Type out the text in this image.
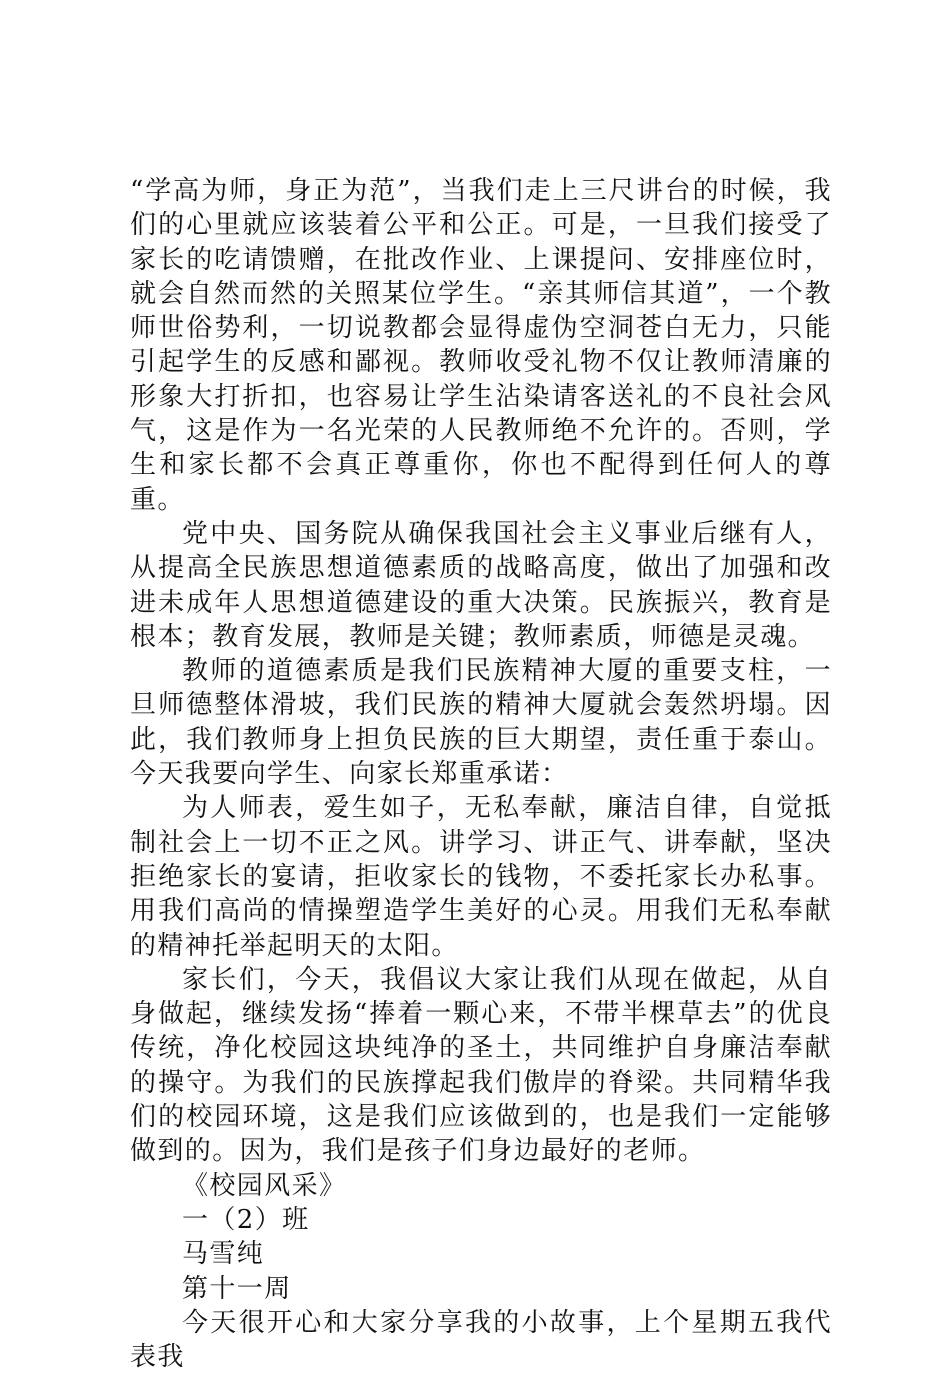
“学高为师，身正为范”，当我们走上三尺讲台的时候，我们的心里就应该装着公平和公正。可是，一旦我们接受了家长的吃请馈赠，在批改作业、上课提问、安排座位时，就会自然而然的关照某位学生。“亲其师信其道”，一个教师世俗势利，一切说教都会显得虚伪空洞苍白无力，只能引起学生的反感和鄙视。教师收受礼物不仅让教师清廉的形象大打折扣，也容易让学生沾染请客送礼的不良社会风气，这是作为一名光荣的人民教师绝不允许的。否则，学生和家长都不会真正尊重你，你也不配得到任何人的尊重。

党中央、国务院从确保我国社会主义事业后继有人，从提高全民族思想道德素质的战略高度，做出了加强和改进未成年人思想道德建设的重大决策。民族振兴，教育是根本；教育发展，教师是关键；教师素质，师德是灵魂。

教师的道德素质是我们民族精神大厦的重要支柱，一旦师德整体滑坡，我们民族的精神大厦就会轰然坍塌。因此，我们教师身上担负民族的巨大期望，责任重于泰山。今天我要向学生、向家长郑重承诺：

为人师表，爱生如子，无私奉献，廉洁自律，自觉抵制社会上一切不正之风。讲学习、讲正气、讲奉献，坚决拒绝家长的宴请，拒收家长的钱物，不委托家长办私事。用我们高尚的情操塑造学生美好的心灵。用我们无私奉献的精神托举起明天的太阳。

家长们，今天，我倡议大家让我们从现在做起，从自身做起，继续发扬“捧着一颗心来，不带半棵草去”的优良传统，净化校园这块纯净的圣土，共同维护自身廉洁奉献的操守。为我们的民族撑起我们傲岸的脊梁。共同精华我们的校园环境，这是我们应该做到的，也是我们一定能够做到的。因为，我们是孩子们身边最好的老师。

《校园风采》

一（2）班

马雪纯

第十一周

今天很开心和大家分享我的小故事，上个星期五我代表我
